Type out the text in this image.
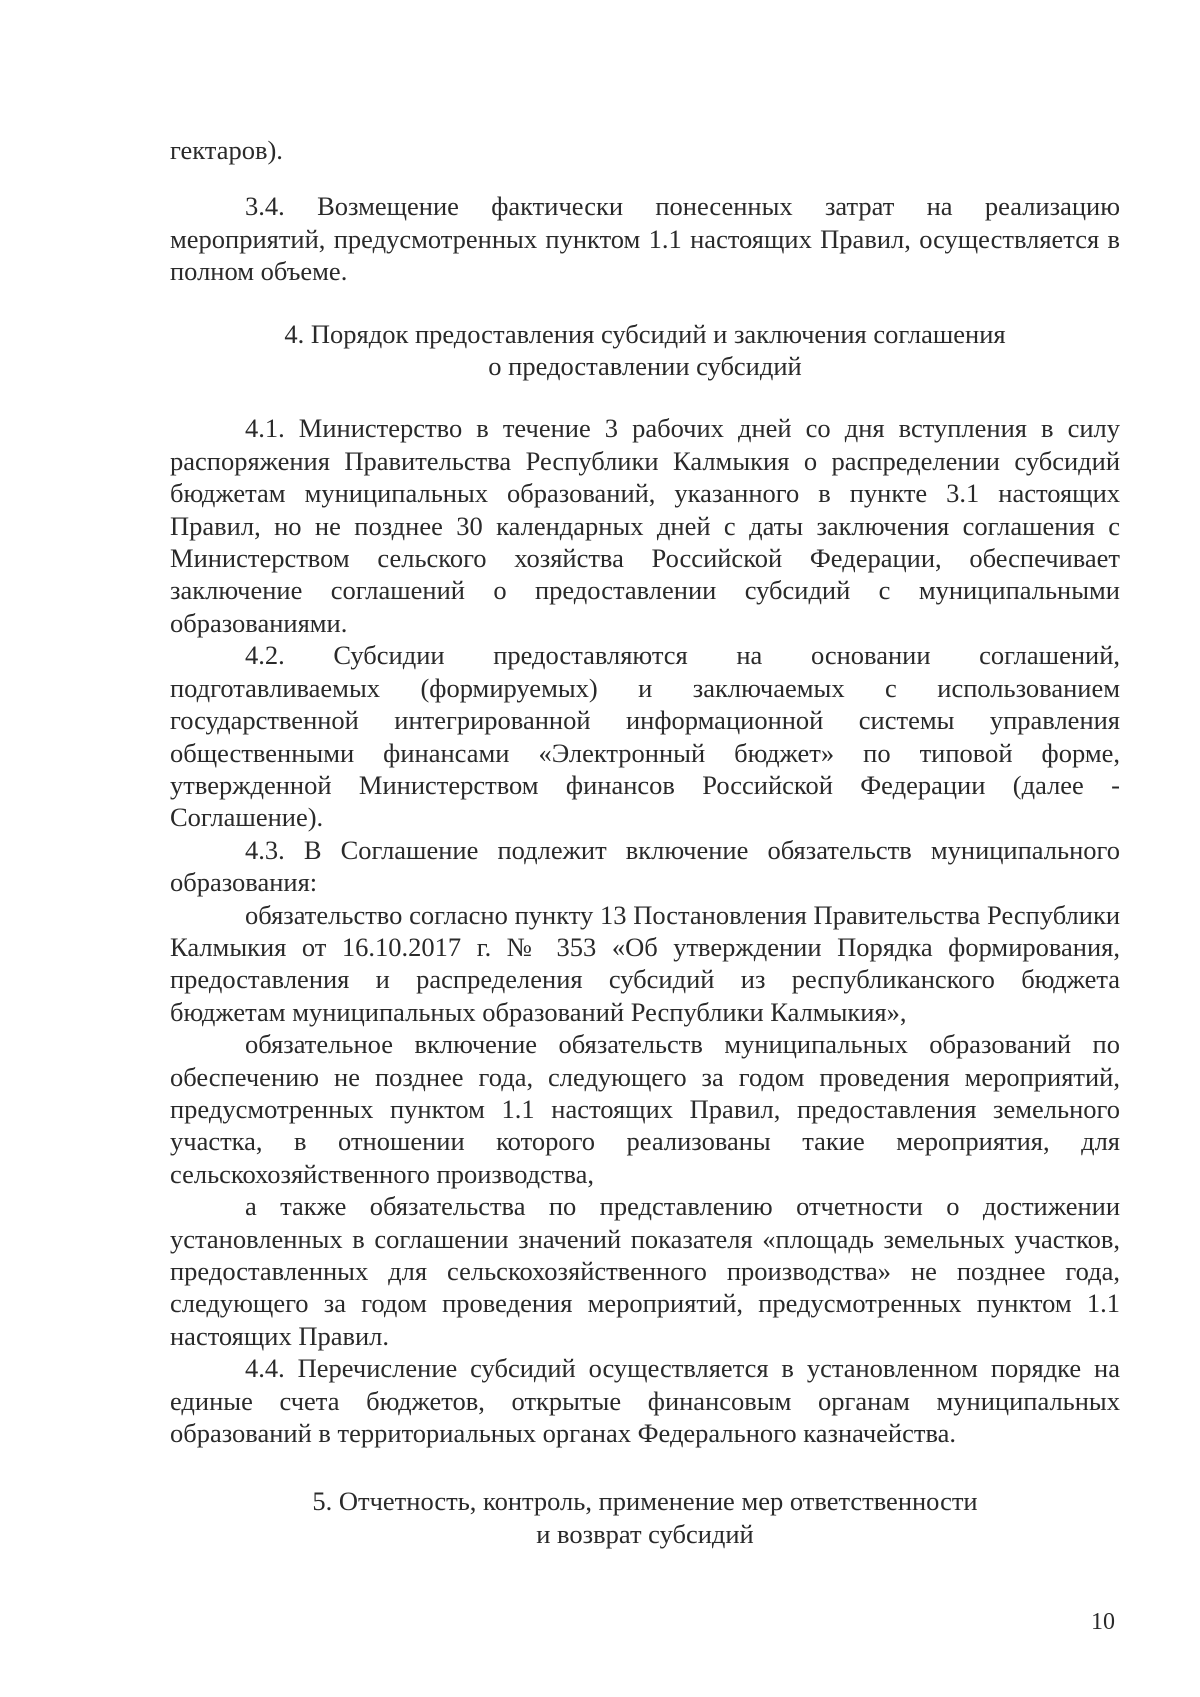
гектаров).

3.4. Возмещение фактически понесенных затрат на реализацию мероприятий, предусмотренных пунктом 1.1 настоящих Правил, осуществляется в полном объеме.

4. Порядок предоставления субсидий и заключения соглашения

о предоставлении субсидий

4.1. Министерство в течение 3 рабочих дней со дня вступления в силу распоряжения Правительства Республики Калмыкия о распределении субсидий бюджетам муниципальных образований, указанного в пункте 3.1 настоящих Правил, но не позднее 30 календарных дней с даты заключения соглашения с Министерством сельского хозяйства Российской Федерации, обеспечивает заключение соглашений о предоставлении субсидий с муниципальными образованиями.

4.2. Субсидии предоставляются на основании соглашений, подготавливаемых (формируемых) и заключаемых с использованием государственной интегрированной информационной системы управления общественными финансами «Электронный бюджет» по типовой форме, утвержденной Министерством финансов Российской Федерации (далее - Соглашение).

4.3. В Соглашение подлежит включение обязательств муниципального образования:

обязательство согласно пункту 13 Постановления Правительства Республики Калмыкия от 16.10.2017 г. № 353 «Об утверждении Порядка формирования, предоставления и распределения субсидий из республиканского бюджета бюджетам муниципальных образований Республики Калмыкия»,

обязательное включение обязательств муниципальных образований по обеспечению не позднее года, следующего за годом проведения мероприятий, предусмотренных пунктом 1.1 настоящих Правил, предоставления земельного участка, в отношении которого реализованы такие мероприятия, для сельскохозяйственного производства,

а также обязательства по представлению отчетности о достижении установленных в соглашении значений показателя «площадь земельных участков, предоставленных для сельскохозяйственного производства» не позднее года, следующего за годом проведения мероприятий, предусмотренных пунктом 1.1 настоящих Правил.

4.4. Перечисление субсидий осуществляется в установленном порядке на единые счета бюджетов, открытые финансовым органам муниципальных образований в территориальных органах Федерального казначейства.

5. Отчетность, контроль, применение мер ответственности

и возврат субсидий

10
